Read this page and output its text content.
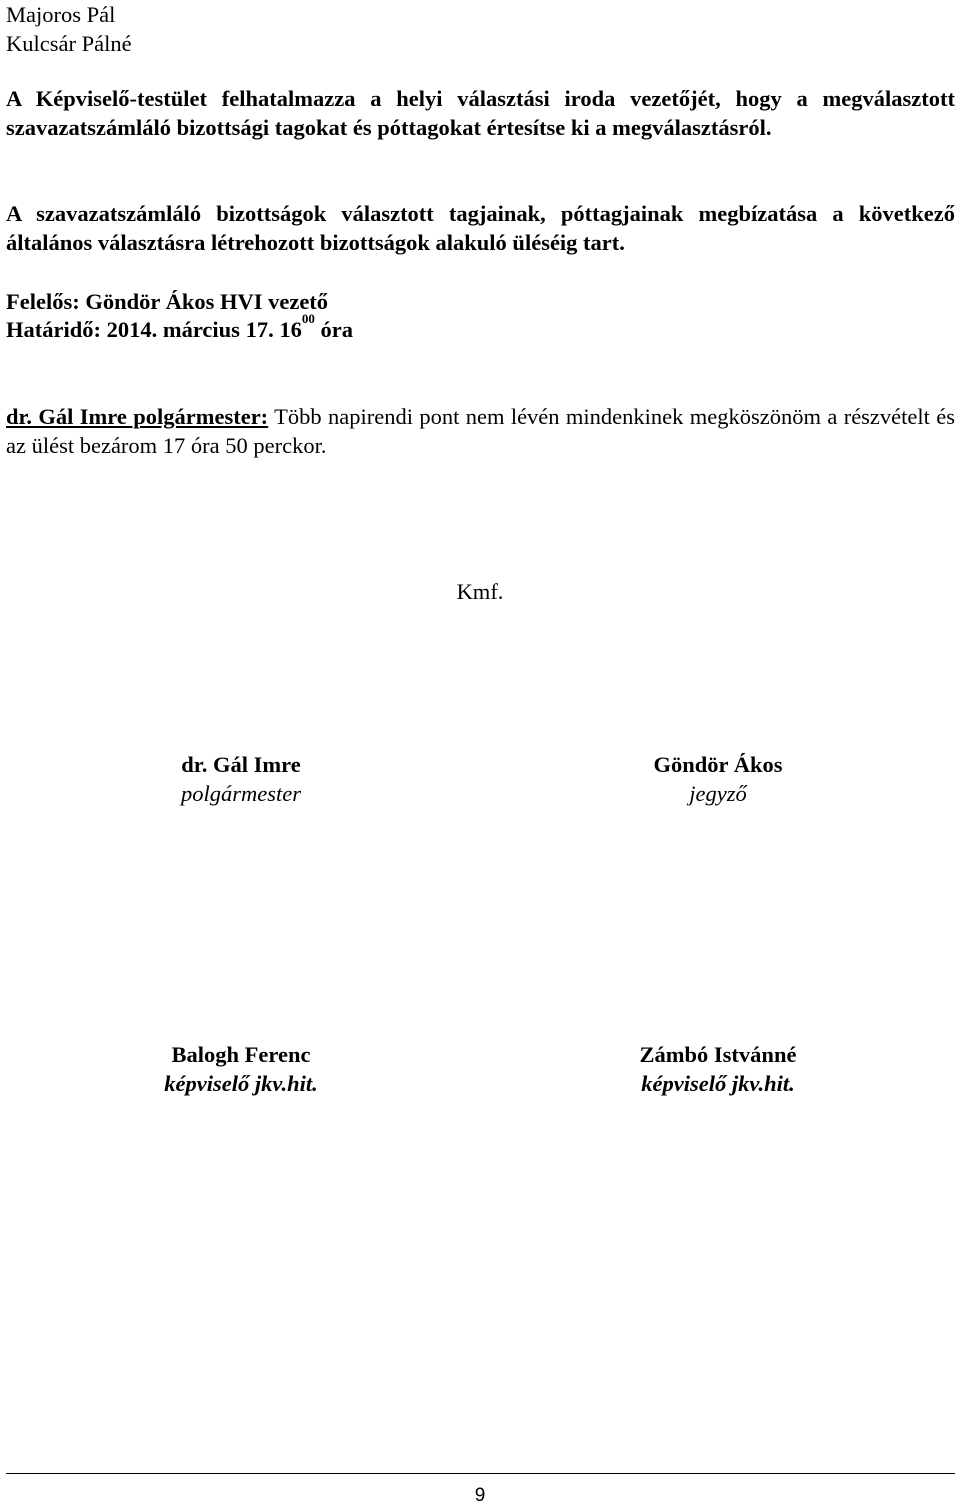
Majoros Pál
Kulcsár Pálné
A Képviselő-testület felhatalmazza a helyi választási iroda vezetőjét, hogy a megválasztott szavazatszámláló bizottsági tagokat és póttagokat értesítse ki a megválasztásról.
A szavazatszámláló bizottságok választott tagjainak, póttagjainak megbízatása a következő általános választásra létrehozott bizottságok alakuló üléséig tart.
Felelős: Göndör Ákos HVI vezető
Határidő: 2014. március 17. $16^{00}$ óra
dr. Gál Imre polgármester: Több napirendi pont nem lévén mindenkinek megköszönöm a részvételt és az ülést bezárom 17 óra 50 perckor.
Kmf.
dr. Gál Imre
polgármester
Göndör Ákos
jegyző
Balogh Ferenc
képviselő jkv.hit.
Zámbó Istvánné
képviselő jkv.hit.
9
